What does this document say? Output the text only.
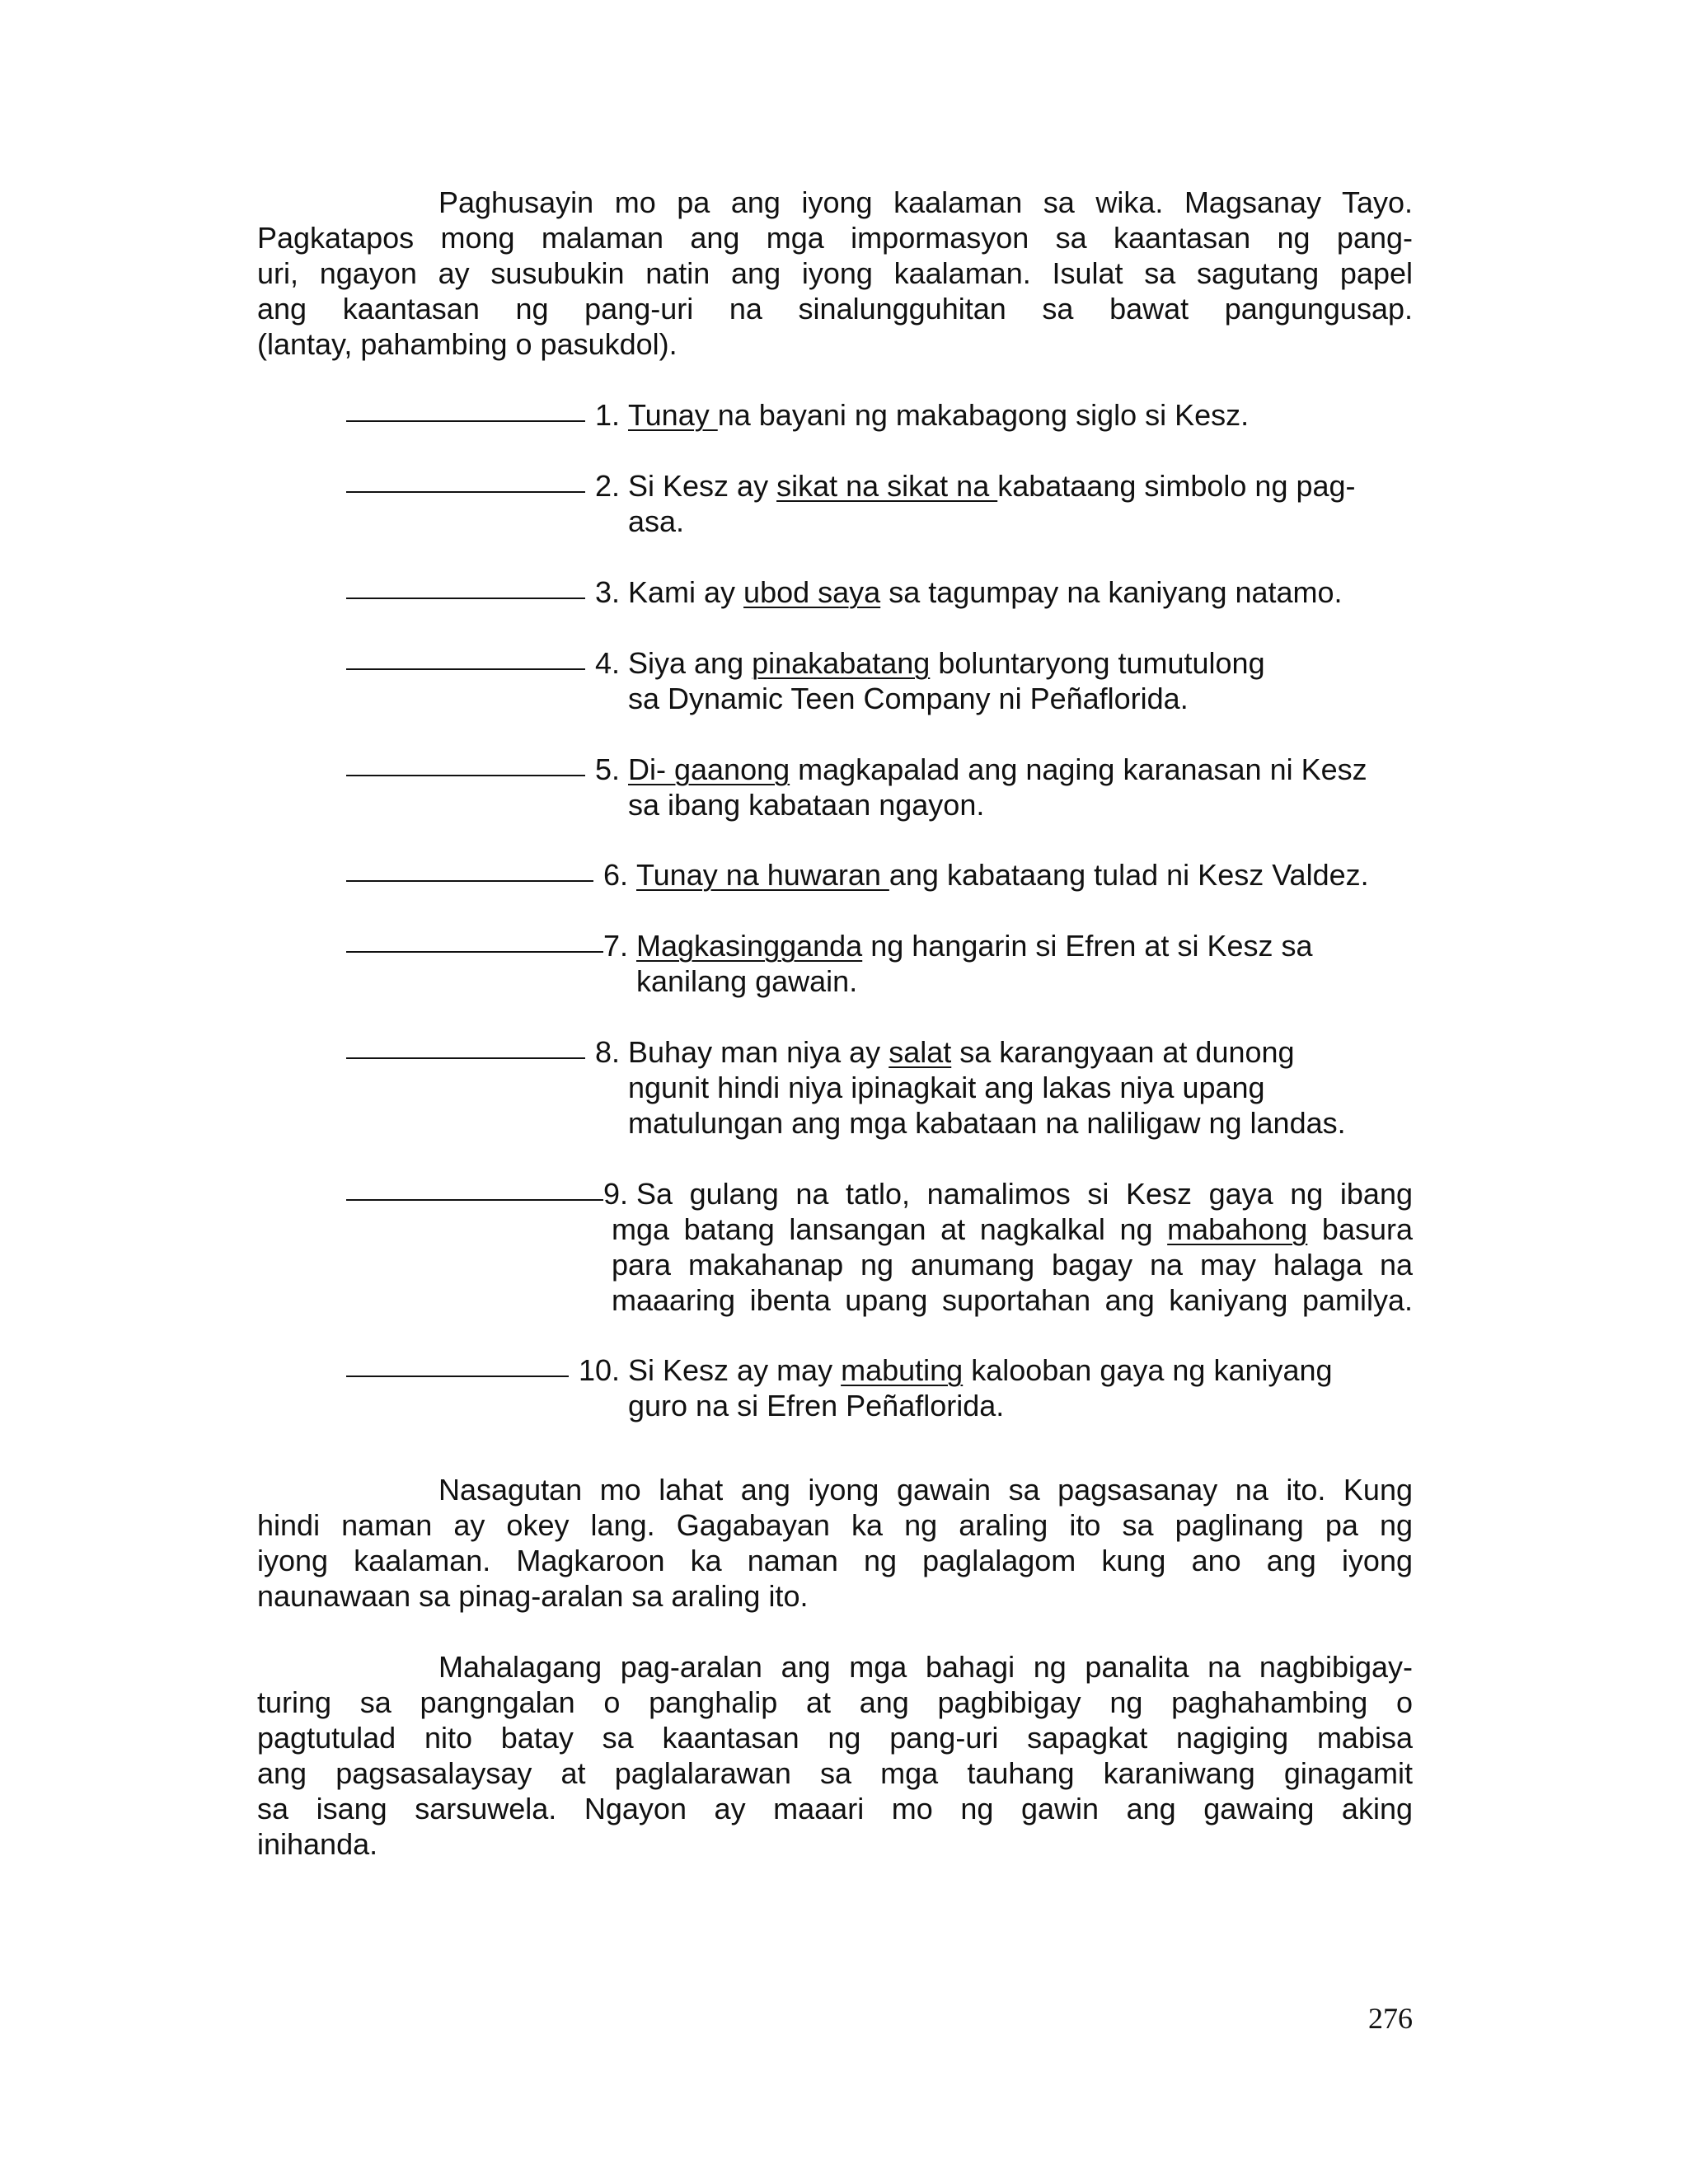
Paghusayin mo pa ang iyong kaalaman sa wika. Magsanay Tayo.
Pagkatapos mong malaman ang mga impormasyon sa kaantasan ng pang-
uri, ngayon ay susubukin natin ang iyong kaalaman. Isulat sa sagutang papel
ang kaantasan ng pang-uri na sinalungguhitan sa bawat pangungusap.
(lantay, pahambing o pasukdol).
1. Tunay na bayani ng makabagong siglo si Kesz.
2. Si Kesz ay sikat na sikat na kabataang simbolo ng pag-
asa.
3. Kami ay ubod saya sa tagumpay na kaniyang natamo.
4. Siya ang pinakabatang boluntaryong tumutulong
sa Dynamic Teen Company ni Peñaflorida.
5. Di- gaanong magkapalad ang naging karanasan ni Kesz
sa ibang kabataan ngayon.
6. Tunay na huwaran ang kabataang tulad ni Kesz Valdez.
7. Magkasingganda ng hangarin si Efren at si Kesz sa
kanilang gawain.
8. Buhay man niya ay salat sa karangyaan at dunong
ngunit hindi niya ipinagkait ang lakas niya upang
matulungan ang mga kabataan na naliligaw ng landas.
9. Sa gulang na tatlo, namalimos si Kesz gaya ng ibang
mga batang lansangan at nagkalkal ng mabahong basura
para makahanap ng anumang bagay na may halaga na
maaaring ibenta upang suportahan ang kaniyang pamilya.
10. Si Kesz ay may mabuting kalooban gaya ng kaniyang
guro na si Efren Peñaflorida.
Nasagutan mo lahat ang iyong gawain sa pagsasanay na ito. Kung
hindi naman ay okey lang. Gagabayan ka ng araling ito sa paglinang pa ng
iyong kaalaman. Magkaroon ka naman ng paglalagom kung ano ang iyong
naunawaan sa pinag-aralan sa araling ito.
Mahalagang pag-aralan ang mga bahagi ng panalita na nagbibigay-
turing sa pangngalan o panghalip at ang pagbibigay ng paghahambing o
pagtutulad nito batay sa kaantasan ng pang-uri sapagkat nagiging mabisa
ang pagsasalaysay at paglalarawan sa mga tauhang karaniwang ginagamit
sa isang sarsuwela. Ngayon ay maaari mo ng gawin ang gawaing aking
inihanda.
276
